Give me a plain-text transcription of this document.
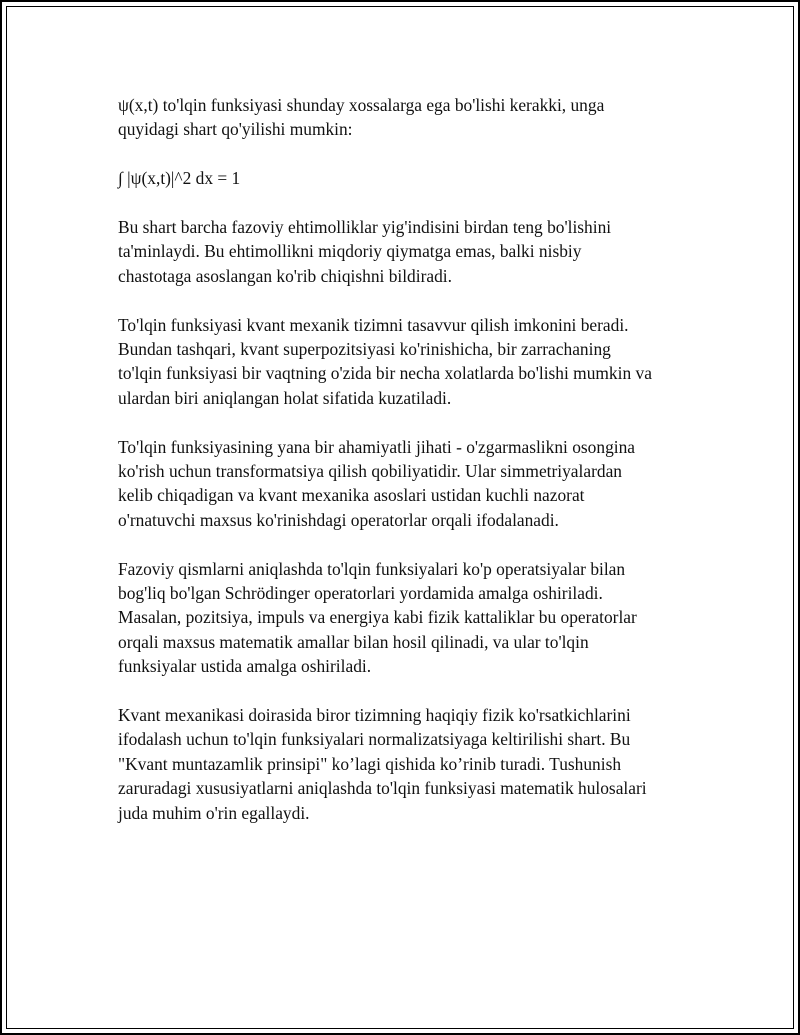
ψ(x,t) to'lqin funksiyasi shunday xossalarga ega bo'lishi kerakki, unga
quyidagi shart qo'yilishi mumkin:

∫ |ψ(x,t)|^2 dx = 1

Bu shart barcha fazoviy ehtimolliklar yig'indisini birdan teng bo'lishini
ta'minlaydi. Bu ehtimollikni miqdoriy qiymatga emas, balki nisbiy
chastotaga asoslangan ko'rib chiqishni bildiradi.

To'lqin funksiyasi kvant mexanik tizimni tasavvur qilish imkonini beradi.
Bundan tashqari, kvant superpozitsiyasi ko'rinishicha, bir zarrachaning
to'lqin funksiyasi bir vaqtning o'zida bir necha xolatlarda bo'lishi mumkin va
ulardan biri aniqlangan holat sifatida kuzatiladi.

To'lqin funksiyasining yana bir ahamiyatli jihati - o'zgarmaslikni osongina
ko'rish uchun transformatsiya qilish qobiliyatidir. Ular simmetriyalardan
kelib chiqadigan va kvant mexanika asoslari ustidan kuchli nazorat
o'rnatuvchi maxsus ko'rinishdagi operatorlar orqali ifodalanadi.

Fazoviy qismlarni aniqlashda to'lqin funksiyalari ko'p operatsiyalar bilan
bog'liq bo'lgan Schrödinger operatorlari yordamida amalga oshiriladi.
Masalan, pozitsiya, impuls va energiya kabi fizik kattaliklar bu operatorlar
orqali maxsus matematik amallar bilan hosil qilinadi, va ular to'lqin
funksiyalar ustida amalga oshiriladi.

Kvant mexanikasi doirasida biror tizimning haqiqiy fizik ko'rsatkichlarini
ifodalash uchun to'lqin funksiyalari normalizatsiyaga keltirilishi shart. Bu
"Kvant muntazamlik prinsipi" ko’lagi qishida ko’rinib turadi. Tushunish
zaruradagi xususiyatlarni aniqlashda to'lqin funksiyasi matematik hulosalari
juda muhim o'rin egallaydi.
